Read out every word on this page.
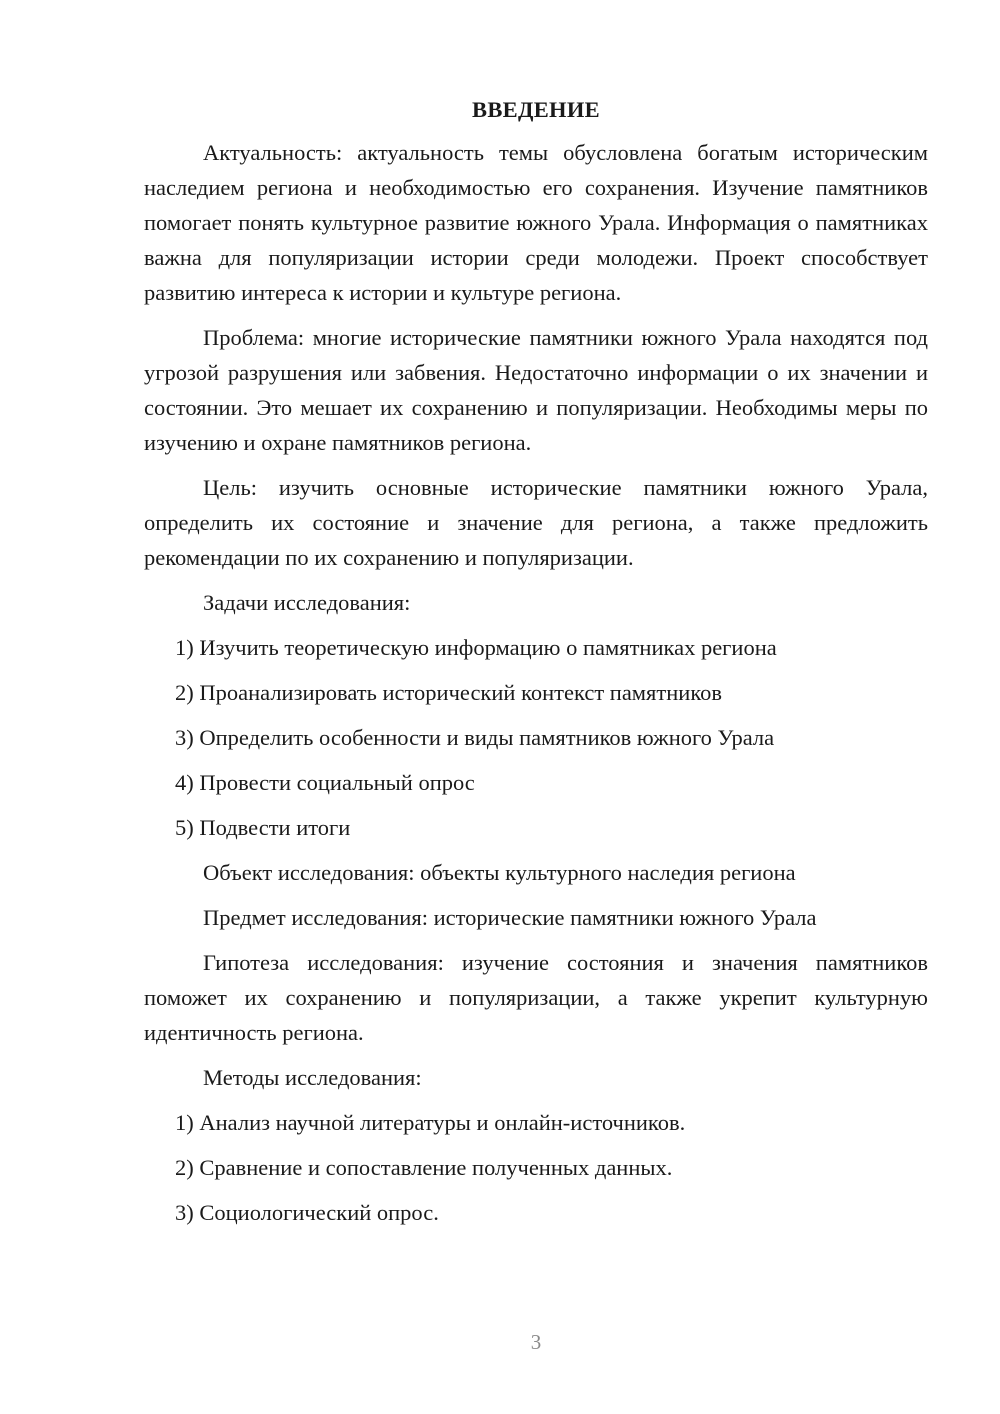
ВВЕДЕНИЕ

Актуальность: актуальность темы обусловлена богатым историческим наследием региона и необходимостью его сохранения. Изучение памятников помогает понять культурное развитие южного Урала. Информация о памятниках важна для популяризации истории среди молодежи. Проект способствует развитию интереса к истории и культуре региона.

Проблема: многие исторические памятники южного Урала находятся под угрозой разрушения или забвения. Недостаточно информации о их значении и состоянии. Это мешает их сохранению и популяризации. Необходимы меры по изучению и охране памятников региона.

Цель: изучить основные исторические памятники южного Урала, определить их состояние и значение для региона, а также предложить рекомендации по их сохранению и популяризации.

Задачи исследования:

1) Изучить теоретическую информацию о памятниках региона
2) Проанализировать исторический контекст памятников
3) Определить особенности и виды памятников южного Урала
4) Провести социальный опрос
5) Подвести итоги

Объект исследования: объекты культурного наследия региона

Предмет исследования: исторические памятники южного Урала

Гипотеза исследования: изучение состояния и значения памятников поможет их сохранению и популяризации, а также укрепит культурную идентичность региона.

Методы исследования:

1) Анализ научной литературы и онлайн-источников.
2) Сравнение и сопоставление полученных данных.
3) Социологический опрос.
3
